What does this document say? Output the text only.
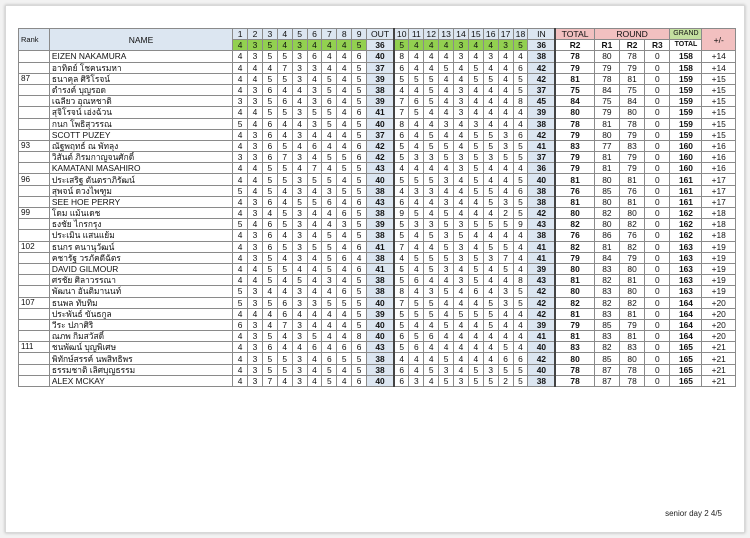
Rank	NAME	1	2	3	4	5	6	7	8	9	OUT	10	11	12	13	14	15	16	17	18	IN	TOTAL	ROUND			GRAND	+/-
		4	3	5	4	3	4	4	4	5	36	5	4	4	4	3	4	4	3	5	36	R2	R1	R2	R3	TOTAL	
	EIZEN NAKAMURA	4	3	5	5	3	6	4	4	6	40	8	4	4	4	3	4	3	4	4	38	78	80	78	0	158	+14
	อาทิตย์ โชคนรมหา	4	4	4	7	3	3	4	4	5	37	6	4	4	5	4	5	4	4	6	42	79	79	79	0	158	+14
87	ธนาคุล ศิริโรจน์	4	4	5	5	3	4	5	4	5	39	5	5	5	4	4	5	5	4	5	42	81	78	81	0	159	+15
	ดำรงค์ บุญรอด	4	3	6	4	4	3	5	4	5	38	4	4	5	4	3	4	4	4	5	37	75	84	75	0	159	+15
	เฉลียว อุณหชาติ	3	3	5	6	4	3	6	4	5	39	7	6	5	4	3	4	4	4	8	45	84	75	84	0	159	+15
	สุจิโรจน์ เอ่งฉ้วน	4	4	5	5	3	5	5	4	6	41	7	5	4	4	3	4	4	4	4	39	80	79	80	0	159	+15
	กนก โพธิสุวรรณ	5	4	6	4	4	3	5	4	5	40	8	4	4	3	4	3	4	4	4	38	78	81	78	0	159	+15
	SCOTT PUZEY	4	3	6	4	3	4	4	4	5	37	6	4	5	4	4	5	5	3	6	42	79	80	79	0	159	+15
93	ณัฐพฤทธ์ ณ พัทลุง	4	3	6	5	4	6	4	4	6	42	5	4	5	5	4	5	5	3	5	41	83	77	83	0	160	+16
	วิสันต์ ภิรมกาญจนศักดิ์	3	3	6	7	3	4	5	5	6	42	5	3	3	5	3	5	3	5	5	37	79	81	79	0	160	+16
	KAMATANI MASAHIRO	4	4	5	5	4	7	4	5	5	43	4	4	4	4	3	5	4	4	4	36	79	81	79	0	160	+16
96	ประเสริฐ ตันตราภิรัฒน์	4	4	5	5	3	5	5	4	5	40	5	5	5	3	4	5	4	4	5	40	81	80	81	0	161	+17
	สุพจน์ ดวงไพฑูม	5	4	5	4	3	4	3	5	5	38	4	3	3	4	4	5	5	4	6	38	76	85	76	0	161	+17
	SEE HOE PERRY	4	3	6	4	5	5	6	4	6	43	6	4	4	3	4	4	5	3	5	38	81	80	81	0	161	+17
99	โดม แม้นเดช	4	3	4	5	3	4	4	6	5	38	9	5	4	5	4	4	4	2	5	42	80	82	80	0	162	+18
	ธงชัย ไกรกรุง	5	4	6	5	3	4	4	3	5	39	5	3	3	5	3	5	5	5	9	43	82	80	82	0	162	+18
	ประเมิน แสนแย้ม	4	3	6	4	3	4	5	4	5	38	5	4	5	3	5	4	4	4	4	38	76	86	76	0	162	+18
102	ธนกร คนานุวัฒน์	4	3	6	5	3	5	5	4	6	41	7	4	4	5	3	4	5	5	4	41	82	81	82	0	163	+19
	คชารัฐ วรภัคดีฉัตร	4	3	5	4	3	4	5	6	4	38	4	5	5	5	3	5	3	7	4	41	79	84	79	0	163	+19
	DAVID GILMOUR	4	4	5	5	4	4	5	4	6	41	5	4	5	3	4	5	4	5	4	39	80	83	80	0	163	+19
	ศรชัย ศิลาวรรณา	4	4	5	4	5	4	3	4	5	38	5	6	4	4	3	5	4	4	8	43	81	82	81	0	163	+19
	พัฒนา อันติมานนท์	5	3	4	4	3	4	4	6	5	38	8	4	3	5	4	6	4	3	5	42	80	83	80	0	163	+19
107	ธนพล ทับทิม	5	3	5	6	3	3	5	5	5	40	7	5	5	4	4	4	5	3	5	42	82	82	82	0	164	+20
	ประพันธ์ ขันธกูล	4	4	4	6	4	4	4	4	5	39	5	5	5	4	5	5	5	4	4	42	81	83	81	0	164	+20
	วีระ ปภาศิริ	6	3	4	7	3	4	4	4	5	40	5	4	4	5	4	4	5	4	4	39	79	85	79	0	164	+20
	ณภพ กิมสวัสดิ์	4	3	5	4	3	5	4	4	8	40	6	5	6	4	4	4	4	4	4	41	81	83	81	0	164	+20
111	ชนพัฒน์ บุญพิเศษ	4	3	6	4	4	6	4	6	6	43	5	6	4	4	4	4	4	5	4	40	83	82	83	0	165	+21
	พิทักษ์สรรค์ นพสิทธิพร	4	3	5	5	3	4	6	5	5	38	4	4	4	5	4	4	4	6	6	42	80	85	80	0	165	+21
	ธรรมชาติ เลิศบุญธรรม	4	3	5	5	3	4	5	4	5	38	6	4	5	3	4	5	3	5	5	40	78	87	78	0	165	+21
	ALEX MCKAY	4	3	7	4	3	4	5	4	6	40	6	3	4	5	3	5	5	2	5	38	78	87	78	0	165	+21
senior day 2 4/5
